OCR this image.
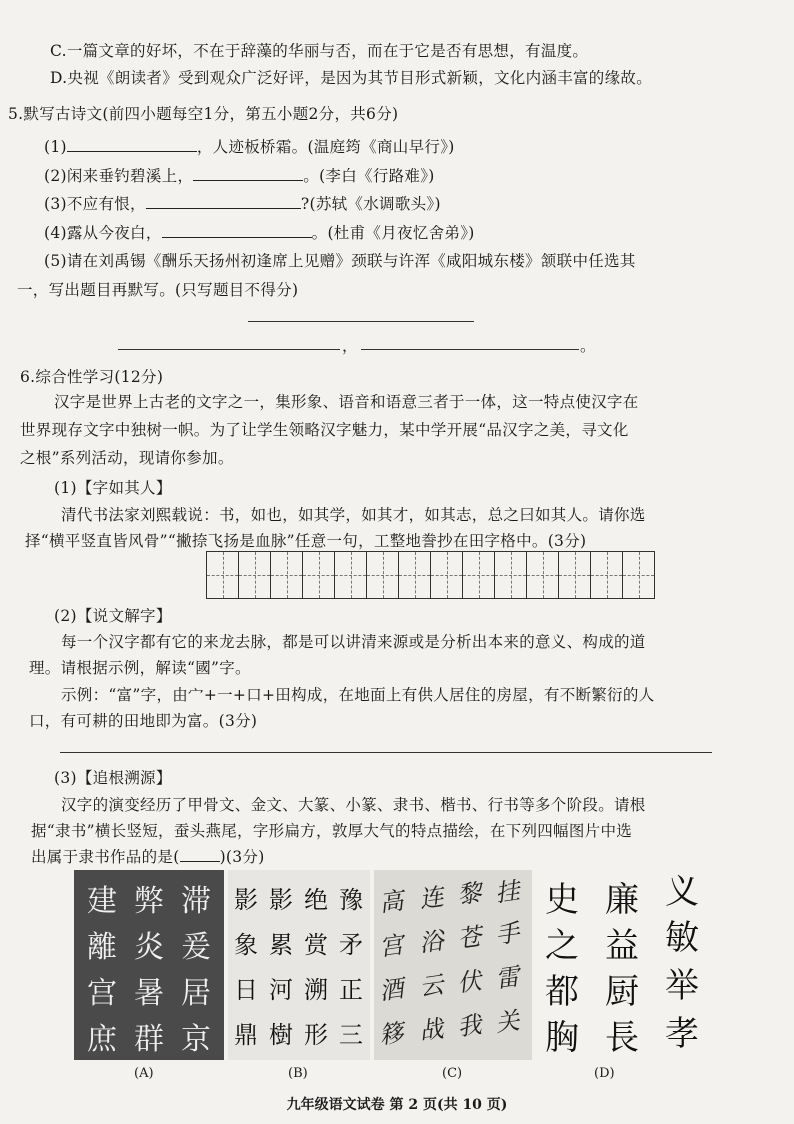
C.一篇文章的好坏，不在于辞藻的华丽与否，而在于它是否有思想，有温度。
D.央视《朗读者》受到观众广泛好评，是因为其节目形式新颖，文化内涵丰富的缘故。
5.默写古诗文(前四小题每空1分，第五小题2分，共6分)
(1)	，人迹板桥霜。(温庭筠《商山早行》)
(2)闲来垂钓碧溪上，	。(李白《行路难》)
(3)不应有恨，	?(苏轼《水调歌头》)
(4)露从今夜白，	。(杜甫《月夜忆舍弟》)
(5)请在刘禹锡《酬乐天扬州初逢席上见赠》颈联与许浑《咸阳城东楼》颔联中任选其
一，写出题目再默写。(只写题目不得分)
，	。
6.综合性学习(12分)
汉字是世界上古老的文字之一，集形象、语音和语意三者于一体，这一特点使汉字在
世界现存文字中独树一帜。为了让学生领略汉字魅力，某中学开展“品汉字之美，寻文化
之根”系列活动，现请你参加。
(1)【字如其人】
清代书法家刘熙载说：书，如也，如其学，如其才，如其志，总之曰如其人。请你选
择“横平竖直皆风骨”“撇捺飞扬是血脉”任意一句，工整地誊抄在田字格中。(3分)
(2)【说文解字】
每一个汉字都有它的来龙去脉，都是可以讲清来源或是分析出本来的意义、构成的道
理。请根据示例，解读“國”字。
示例：“富”字，由宀+一+口+田构成，在地面上有供人居住的房屋，有不断繁衍的人
口，有可耕的田地即为富。(3分)
(3)【追根溯源】
汉字的演变经历了甲骨文、金文、大篆、小篆、隶书、楷书、行书等多个阶段。请根
据“隶书”横长竖短，蚕头燕尾，字形扁方，敦厚大气的特点描绘，在下列四幅图片中选
出属于隶书作品的是(	)(3分)
建 弊 滞
離 炎 爰
宫 暑 居
庶 群 京
影 影 绝 豫
象 累 赏 矛
日 河 溯 正
鼎 樹 形 三
高 连 黎 挂
宫 浴 苍 手
酒 云 伏 雷
簃 战 我 关
史 廉 义
之 益 敏
都 厨 举
胸 長 孝
(A)	(B)	(C)	(D)
九年级语文试卷 第 2 页(共 10 页)
